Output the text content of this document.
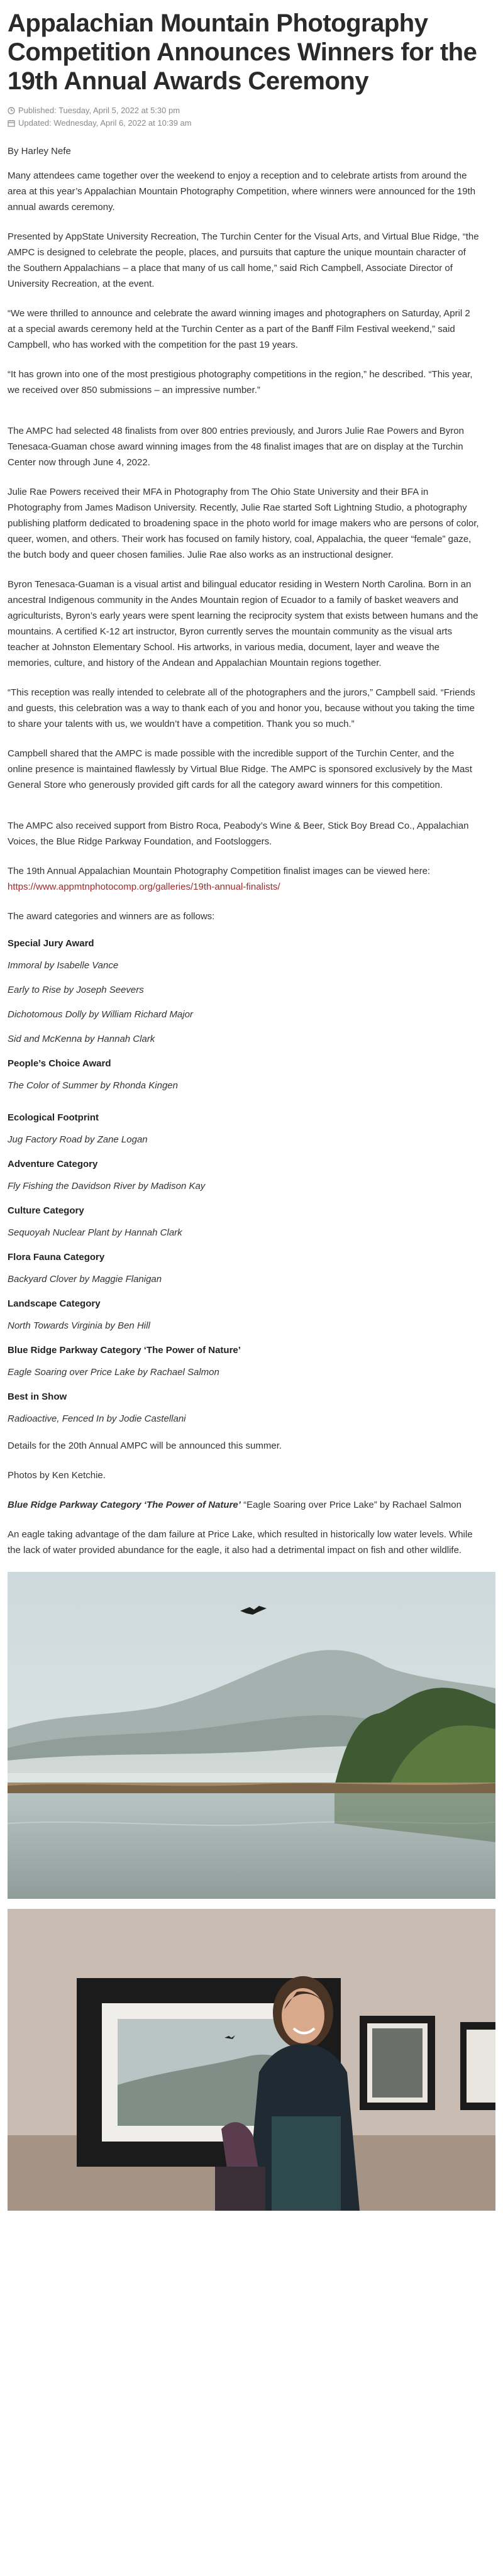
Appalachian Mountain Photography Competition Announces Winners for the 19th Annual Awards Ceremony
Published: Tuesday, April 5, 2022 at 5:30 pm
Updated: Wednesday, April 6, 2022 at 10:39 am
By Harley Nefe

Many attendees came together over the weekend to enjoy a reception and to celebrate artists from around the area at this year’s Appalachian Mountain Photography Competition, where winners were announced for the 19th annual awards ceremony.

Presented by AppState University Recreation, The Turchin Center for the Visual Arts, and Virtual Blue Ridge, “the AMPC is designed to celebrate the people, places, and pursuits that capture the unique mountain character of the Southern Appalachians – a place that many of us call home,” said Rich Campbell, Associate Director of University Recreation, at the event.

“We were thrilled to announce and celebrate the award winning images and photographers on Saturday, April 2 at a special awards ceremony held at the Turchin Center as a part of the Banff Film Festival weekend,” said Campbell, who has worked with the competition for the past 19 years.

“It has grown into one of the most prestigious photography competitions in the region,” he described. “This year, we received over 850 submissions – an impressive number.”

The AMPC had selected 48 finalists from over 800 entries previously, and Jurors Julie Rae Powers and Byron Tenesaca-Guaman chose award winning images from the 48 finalist images that are on display at the Turchin Center now through June 4, 2022.

Julie Rae Powers received their MFA in Photography from The Ohio State University and their BFA in Photography from James Madison University. Recently, Julie Rae started Soft Lightning Studio, a photography publishing platform dedicated to broadening space in the photo world for image makers who are persons of color, queer, women, and others. Their work has focused on family history, coal, Appalachia, the queer “female” gaze, the butch body and queer chosen families. Julie Rae also works as an instructional designer.

Byron Tenesaca-Guaman is a visual artist and bilingual educator residing in Western North Carolina. Born in an ancestral Indigenous community in the Andes Mountain region of Ecuador to a family of basket weavers and agriculturists, Byron’s early years were spent learning the reciprocity system that exists between humans and the mountains. A certified K-12 art instructor, Byron currently serves the mountain community as the visual arts teacher at Johnston Elementary School. His artworks, in various media, document, layer and weave the memories, culture, and history of the Andean and Appalachian Mountain regions together.

“This reception was really intended to celebrate all of the photographers and the jurors,” Campbell said. “Friends and guests, this celebration was a way to thank each of you and honor you, because without you taking the time to share your talents with us, we wouldn’t have a competition. Thank you so much.”

Campbell shared that the AMPC is made possible with the incredible support of the Turchin Center, and the online presence is maintained flawlessly by Virtual Blue Ridge. The AMPC is sponsored exclusively by the Mast General Store who generously provided gift cards for all the category award winners for this competition.

The AMPC also received support from Bistro Roca, Peabody’s Wine & Beer, Stick Boy Bread Co., Appalachian Voices, the Blue Ridge Parkway Foundation, and Footsloggers.

The 19th Annual Appalachian Mountain Photography Competition finalist images can be viewed here: https://www.appmtnphotocomp.org/galleries/19th-annual-finalists/

The award categories and winners are as follows:

Special Jury Award
Immoral by Isabelle Vance
Early to Rise by Joseph Seevers
Dichotomous Dolly by William Richard Major
Sid and McKenna by Hannah Clark
People’s Choice Award
The Color of Summer by Rhonda Kingen
Ecological Footprint
Jug Factory Road by Zane Logan
Adventure Category
Fly Fishing the Davidson River by Madison Kay
Culture Category
Sequoyah Nuclear Plant by Hannah Clark
Flora Fauna Category
Backyard Clover by Maggie Flanigan
Landscape Category
North Towards Virginia by Ben Hill
Blue Ridge Parkway Category ‘The Power of Nature’
Eagle Soaring over Price Lake by Rachael Salmon
Best in Show
Radioactive, Fenced In by Jodie Castellani

Details for the 20th Annual AMPC will be announced this summer.

Photos by Ken Ketchie.

Blue Ridge Parkway Category ‘The Power of Nature’ “Eagle Soaring over Price Lake” by Rachael Salmon

An eagle taking advantage of the dam failure at Price Lake, which resulted in historically low water levels. While the lack of water provided abundance for the eagle, it also had a detrimental impact on fish and other wildlife.
